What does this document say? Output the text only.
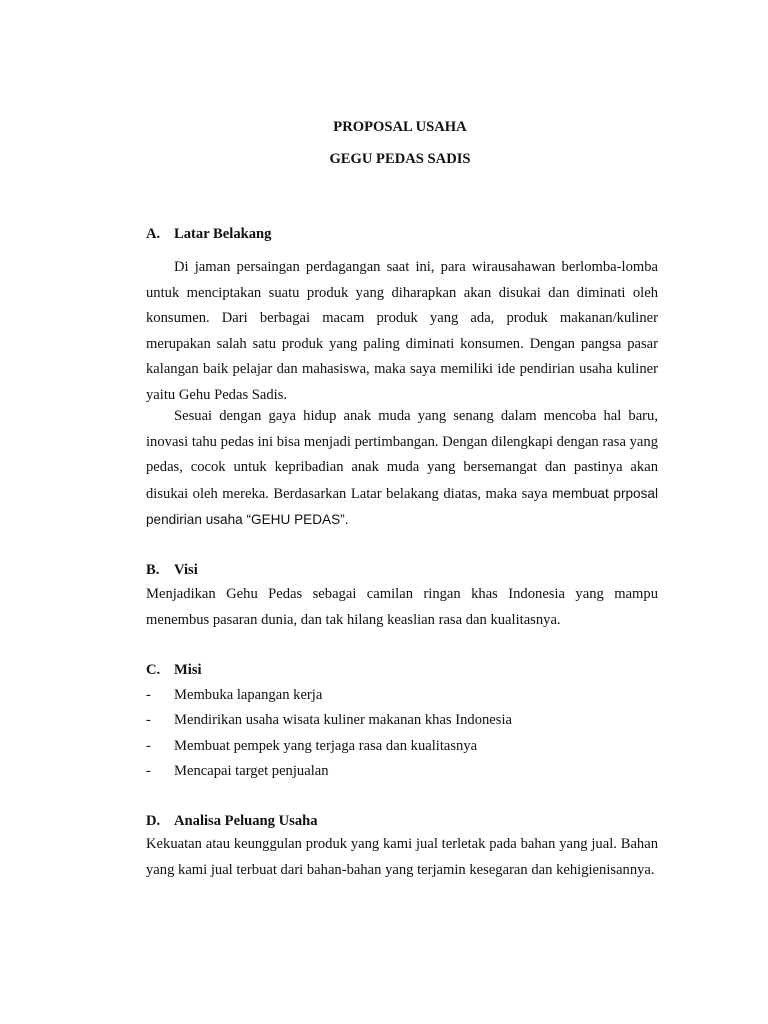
PROPOSAL USAHA
GEGU PEDAS SADIS
A. Latar Belakang

Di jaman persaingan perdagangan saat ini, para wirausahawan berlomba-lomba untuk menciptakan suatu produk yang diharapkan akan disukai dan diminati oleh konsumen. Dari berbagai macam produk yang ada, produk makanan/kuliner merupakan salah satu produk yang paling diminati konsumen. Dengan pangsa pasar kalangan baik pelajar dan mahasiswa, maka saya memiliki ide pendirian usaha kuliner yaitu Gehu Pedas Sadis.

Sesuai dengan gaya hidup anak muda yang senang dalam mencoba hal baru, inovasi tahu pedas ini bisa menjadi pertimbangan. Dengan dilengkapi dengan rasa yang pedas, cocok untuk kepribadian anak muda yang bersemangat dan pastinya akan disukai oleh mereka. Berdasarkan Latar belakang diatas, maka saya membuat prposal pendirian usaha “GEHU PEDAS”.

B. Visi

Menjadikan Gehu Pedas sebagai camilan ringan khas Indonesia yang mampu menembus pasaran dunia, dan tak hilang keaslian rasa dan kualitasnya.

C. Misi
- Membuka lapangan kerja
- Mendirikan usaha wisata kuliner makanan khas Indonesia
- Membuat pempek yang terjaga rasa dan kualitasnya
- Mencapai target penjualan
D. Analisa Peluang Usaha

Kekuatan atau keunggulan produk yang kami jual terletak pada bahan yang jual. Bahan yang kami jual terbuat dari bahan-bahan yang terjamin kesegaran dan kehigienisannya.
